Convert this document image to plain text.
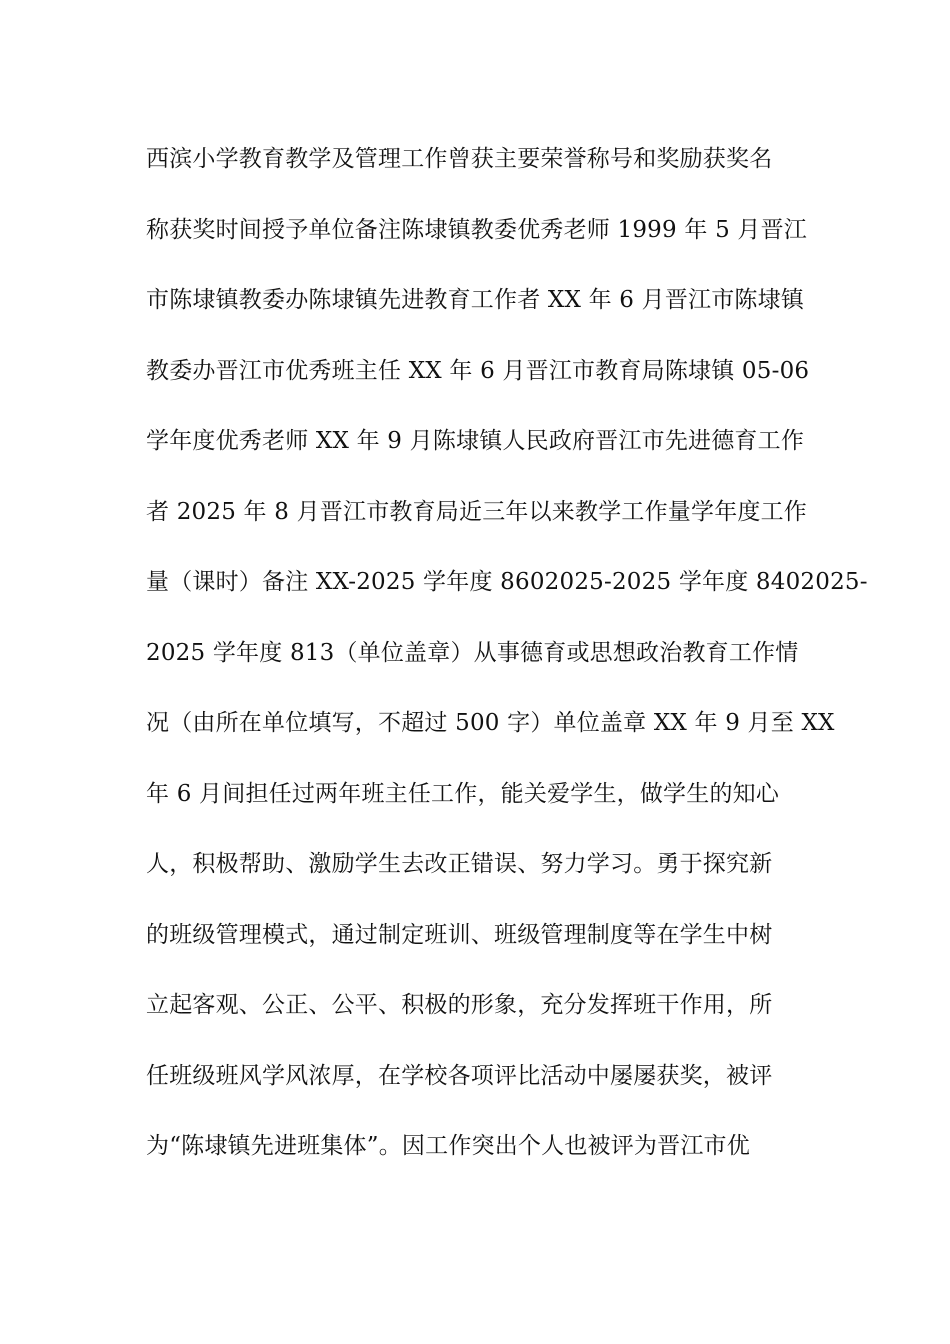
西滨小学教育教学及管理工作曾获主要荣誉称号和奖励获奖名
称获奖时间授予单位备注陈埭镇教委优秀老师 1999 年 5 月晋江
市陈埭镇教委办陈埭镇先进教育工作者 XX 年 6 月晋江市陈埭镇
教委办晋江市优秀班主任 XX 年 6 月晋江市教育局陈埭镇 05-06
学年度优秀老师 XX 年 9 月陈埭镇人民政府晋江市先进德育工作
者 2025 年 8 月晋江市教育局近三年以来教学工作量学年度工作
量（课时）备注 XX-2025 学年度 8602025-2025 学年度 8402025-
2025 学年度 813（单位盖章）从事德育或思想政治教育工作情
况（由所在单位填写，不超过 500 字）单位盖章 XX 年 9 月至 XX
年 6 月间担任过两年班主任工作，能关爱学生，做学生的知心
人，积极帮助、激励学生去改正错误、努力学习。勇于探究新
的班级管理模式，通过制定班训、班级管理制度等在学生中树
立起客观、公正、公平、积极的形象，充分发挥班干作用，所
任班级班风学风浓厚，在学校各项评比活动中屡屡获奖，被评
为“陈埭镇先进班集体”。因工作突出个人也被评为晋江市优
